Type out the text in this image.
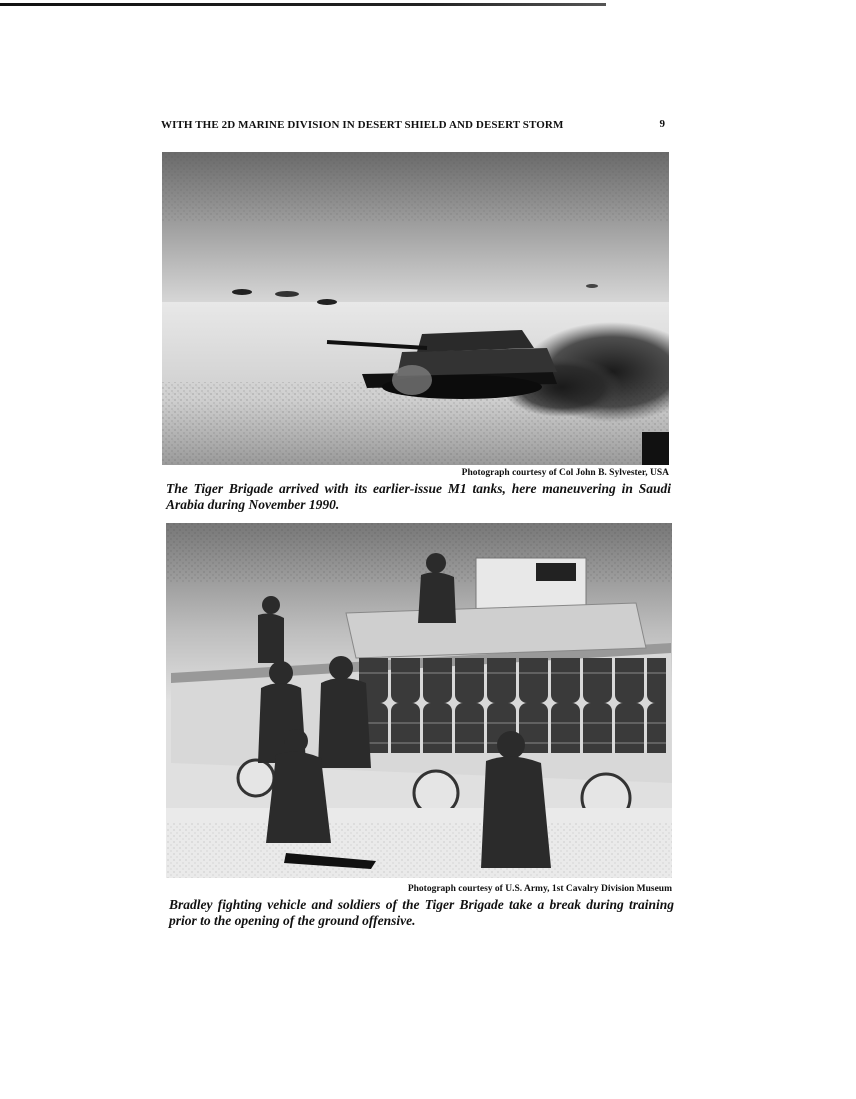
WITH THE 2D MARINE DIVISION IN DESERT SHIELD AND DESERT STORM	9
Photograph courtesy of Col John B. Sylvester, USA
The Tiger Brigade arrived with its earlier-issue M1 tanks, here maneuvering in Saudi Arabia during November 1990.
Photograph courtesy of U.S. Army, 1st Cavalry Division Museum
Bradley fighting vehicle and soldiers of the Tiger Brigade take a break during training prior to the opening of the ground offensive.
